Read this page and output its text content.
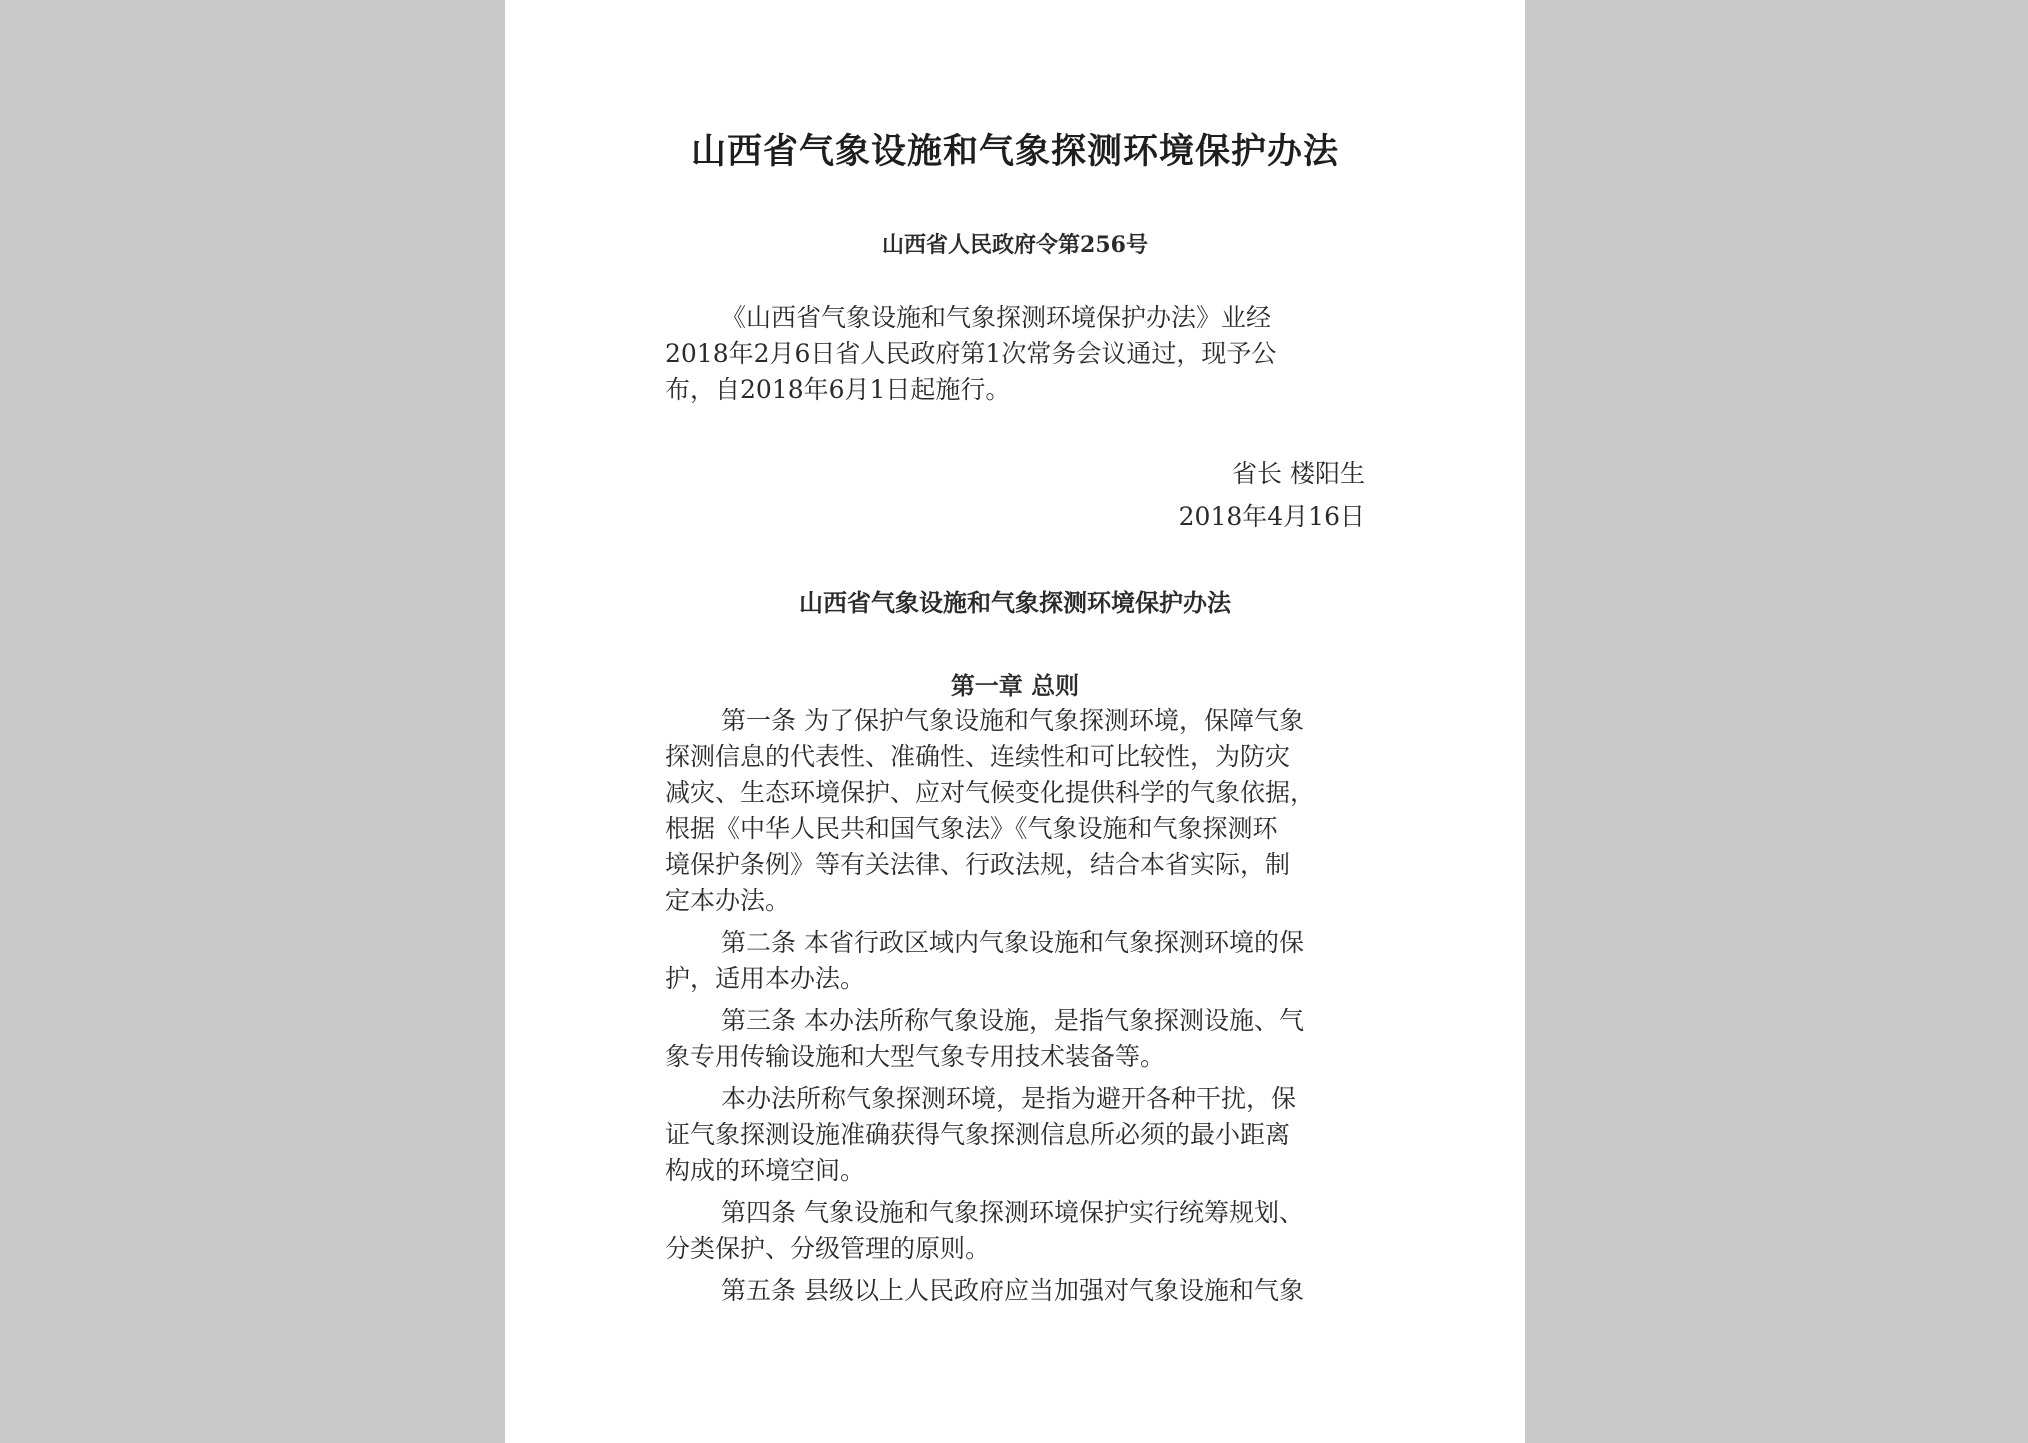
山西省气象设施和气象探测环境保护办法
山西省人民政府令第256号
《山西省气象设施和气象探测环境保护办法》业经
2018年2月6日省人民政府第1次常务会议通过，现予公
布，自2018年6月1日起施行。
省长 楼阳生
2018年4月16日
山西省气象设施和气象探测环境保护办法
第一章 总则
第一条 为了保护气象设施和气象探测环境，保障气象
探测信息的代表性、准确性、连续性和可比较性，为防灾
减灾、生态环境保护、应对气候变化提供科学的气象依据，
根据《中华人民共和国气象法》《气象设施和气象探测环
境保护条例》等有关法律、行政法规，结合本省实际，制
定本办法。
第二条 本省行政区域内气象设施和气象探测环境的保
护，适用本办法。
第三条 本办法所称气象设施，是指气象探测设施、气
象专用传输设施和大型气象专用技术装备等。
本办法所称气象探测环境，是指为避开各种干扰，保
证气象探测设施准确获得气象探测信息所必须的最小距离
构成的环境空间。
第四条 气象设施和气象探测环境保护实行统筹规划、
分类保护、分级管理的原则。
第五条 县级以上人民政府应当加强对气象设施和气象
